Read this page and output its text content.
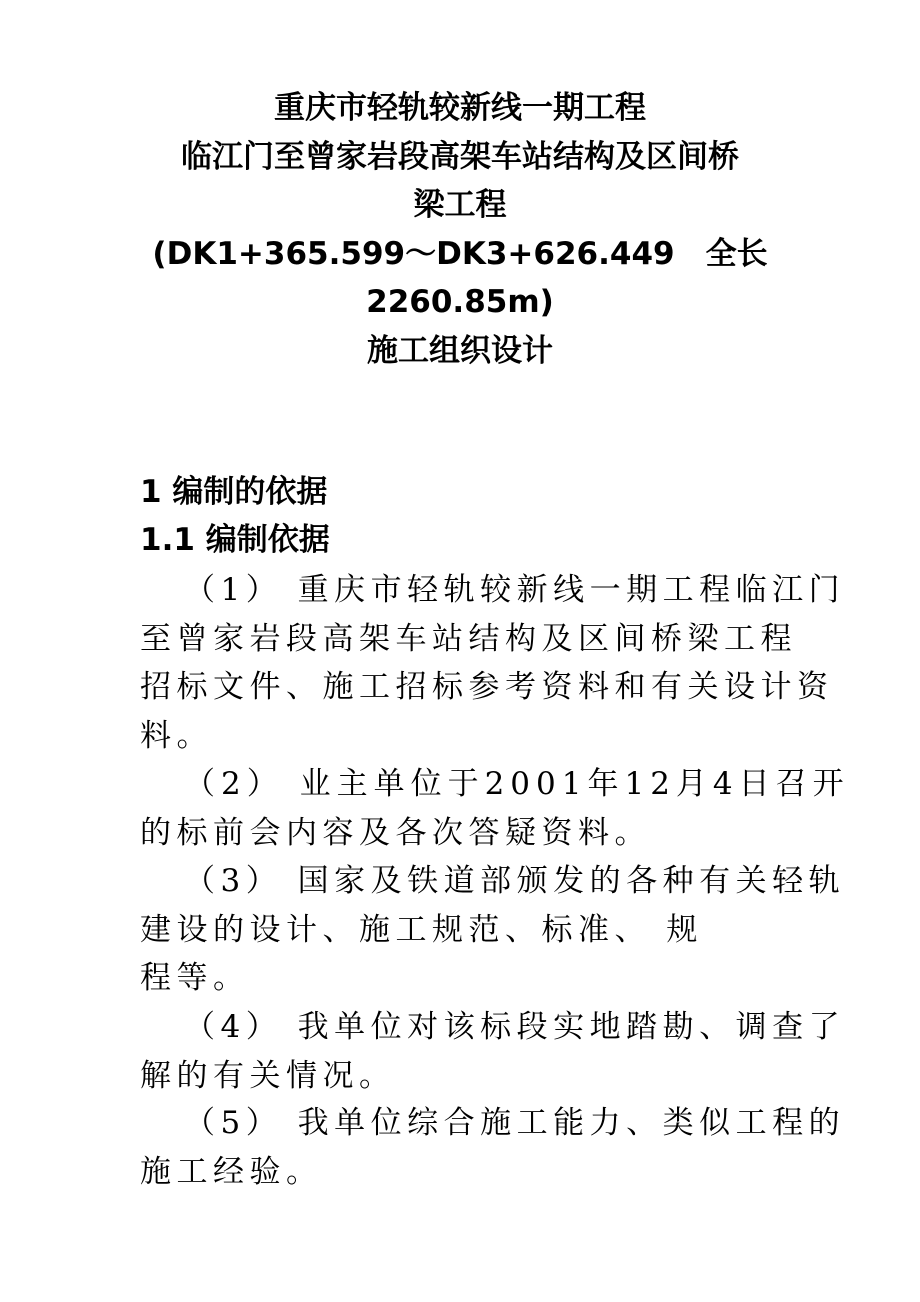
重庆市轻轨较新线一期工程
临江门至曾家岩段高架车站结构及区间桥
梁工程
(DK1+365.599～DK3+626.449　全长
2260.85m)
施工组织设计
1 编制的依据
1.1 编制依据
（1） 重庆市轻轨较新线一期工程临江门
至曾家岩段高架车站结构及区间桥梁工程
招标文件、施工招标参考资料和有关设计资
料。
（2） 业主单位于2001年12月4日召开
的标前会内容及各次答疑资料。
（3） 国家及铁道部颁发的各种有关轻轨
建设的设计、施工规范、标准、 规
程等。
（4） 我单位对该标段实地踏勘、调查了
解的有关情况。
（5） 我单位综合施工能力、类似工程的
施工经验。
